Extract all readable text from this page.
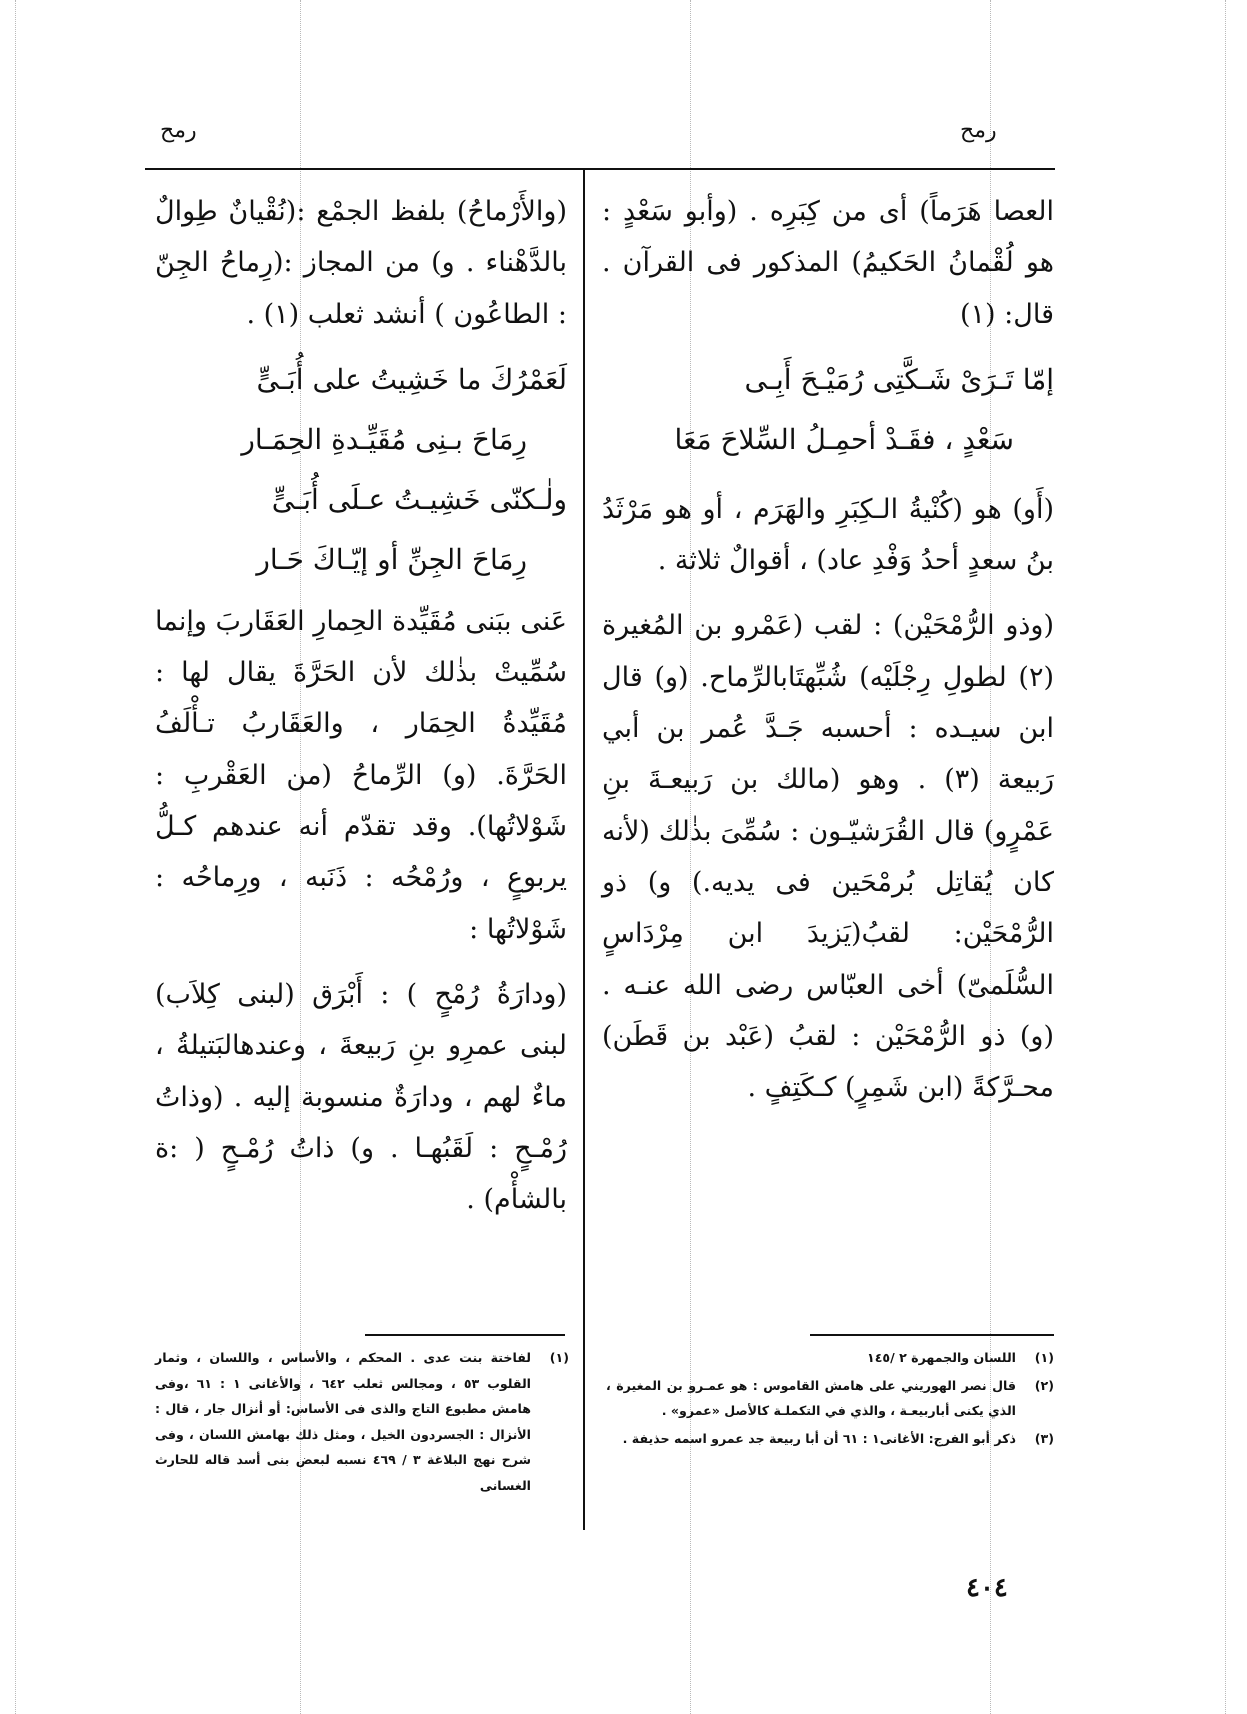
رمح	رمح

العصا هَرَماً) أى من كِبَرِه . (وأبو سَعْدٍ : هو لُقْمانُ الحَكيمُ) المذكور فى القرآن . قال: (١)

إمّا تَـرَىْ شَـكَّتِى رُمَيْـحَ أَبِـى

سَعْدٍ ، فقَـدْ أحمِـلُ السِّلاحَ مَعَا

(أَو) هو (كُنْيةُ الـكِبَرِ والهَرَم ، أو هو مَرْثَدُ بنُ سعدٍ أحدُ وَفْدِ عاد) ، أقوالٌ ثلاثة .

(وذو الرُّمْحَيْن) : لقب (عَمْرو بن المُغيرة (٢) لطولِ رِجْلَيْه) شُبِّهتَابالرِّماح. (و) قال ابن سيـده : أحسبه جَـدَّ عُمر بن أبي رَبيعة (٣) . وهو (مالك بن رَبيعـةَ بنِ عَمْرٍو) قال القُرَشيّـون : سُمِّىَ بذٰلك (لأنه كان يُقاتِل بُرمْحَين فى يديه.) و) ذو الرُّمْحَيْن: لقبُ(يَزيدَ ابن مِرْدَاسٍ السُّلَمىّ) أخى العبّاس رضى الله عنـه . (و) ذو الرُّمْحَيْن : لقبُ (عَبْد بن قَطَن) محـرَّكةً (ابن شَمِرٍ) كـكَتِفٍ .

(والأَرْماحُ) بلفظ الجمْع :(نُقْيانٌ طِوالٌ بالدَّهْناء . و) من المجاز :(رِماحُ الجِنّ : الطاعُون ) أنشد ثعلب (١) .

لَعَمْرُكَ ما خَشِيتُ على أُبَـىٍّ

رِمَاحَ بـنِى مُقَيِّـدةِ الحِمَـار

ولٰـكنّى خَشِيـتُ عـلَى أُبَـىٍّ

رِمَاحَ الجِنِّ أو إيّـاكَ حَـار

عَنى ببَنى مُقَيِّدة الحِمارِ العَقَاربَ وإنما سُمِّيتْ بذٰلك لأن الحَرَّةَ يقال لها : مُقَيِّدةُ الحِمَار ، والعَقَاربُ تـأْلَفُ الحَرَّةَ. (و) الرِّماحُ (من العَقْربِ : شَوْلاتُها). وقد تقدّم أنه عندهم كـلُّ يربوعٍ ، ورُمْحُه : ذَنَبه ، ورِماحُه : شَوْلاتُها :

(ودارَةُ رُمْحٍ ) : أَبْرَق (لبنى كِلاَب) لبنى عمرِو بنِ رَبيعةَ ، وعندهالبَتيلةُ ، ماءٌ لهم ، ودارَةٌ منسوبة إليه . (وذاتُ رُمْـحٍ : لَقَبُهـا . و) ذاتُ رُمْـحٍ ( :ة بالشأْم) .

(١)
اللسان والجمهرة ٢ /١٤٥
(٢)
قال نصر الهوريني على هامش القاموس : هو عمـرو بن المغيرة ، الذي يكنى أباربيعـة ، والذي في التكملـة كالأصل «عمرو» .
(٣)
ذكر أبو الفرج: الأغانى١ : ٦١ أن أبا ربيعة جد عمرو اسمه حذيفة .
(١)
لفاختة بنت عدى . المحكم ، والأساس ، واللسان ، وثمار القلوب ٥٣ ، ومجالس ثعلب ٦٤٢ ، والأغانى ١ : ٦١ ،وفى هامش مطبوع التاج والذى فى الأساس: أو أنزال جار ، قال : الأنزال : الجسردون الخيل ، ومثل ذلك بهامش اللسان ، وفى شرح نهج البلاغة ٣ / ٤٦٩ نسبه لبعض بنى أسد قاله للحارث الغسانى
٤٠٤
